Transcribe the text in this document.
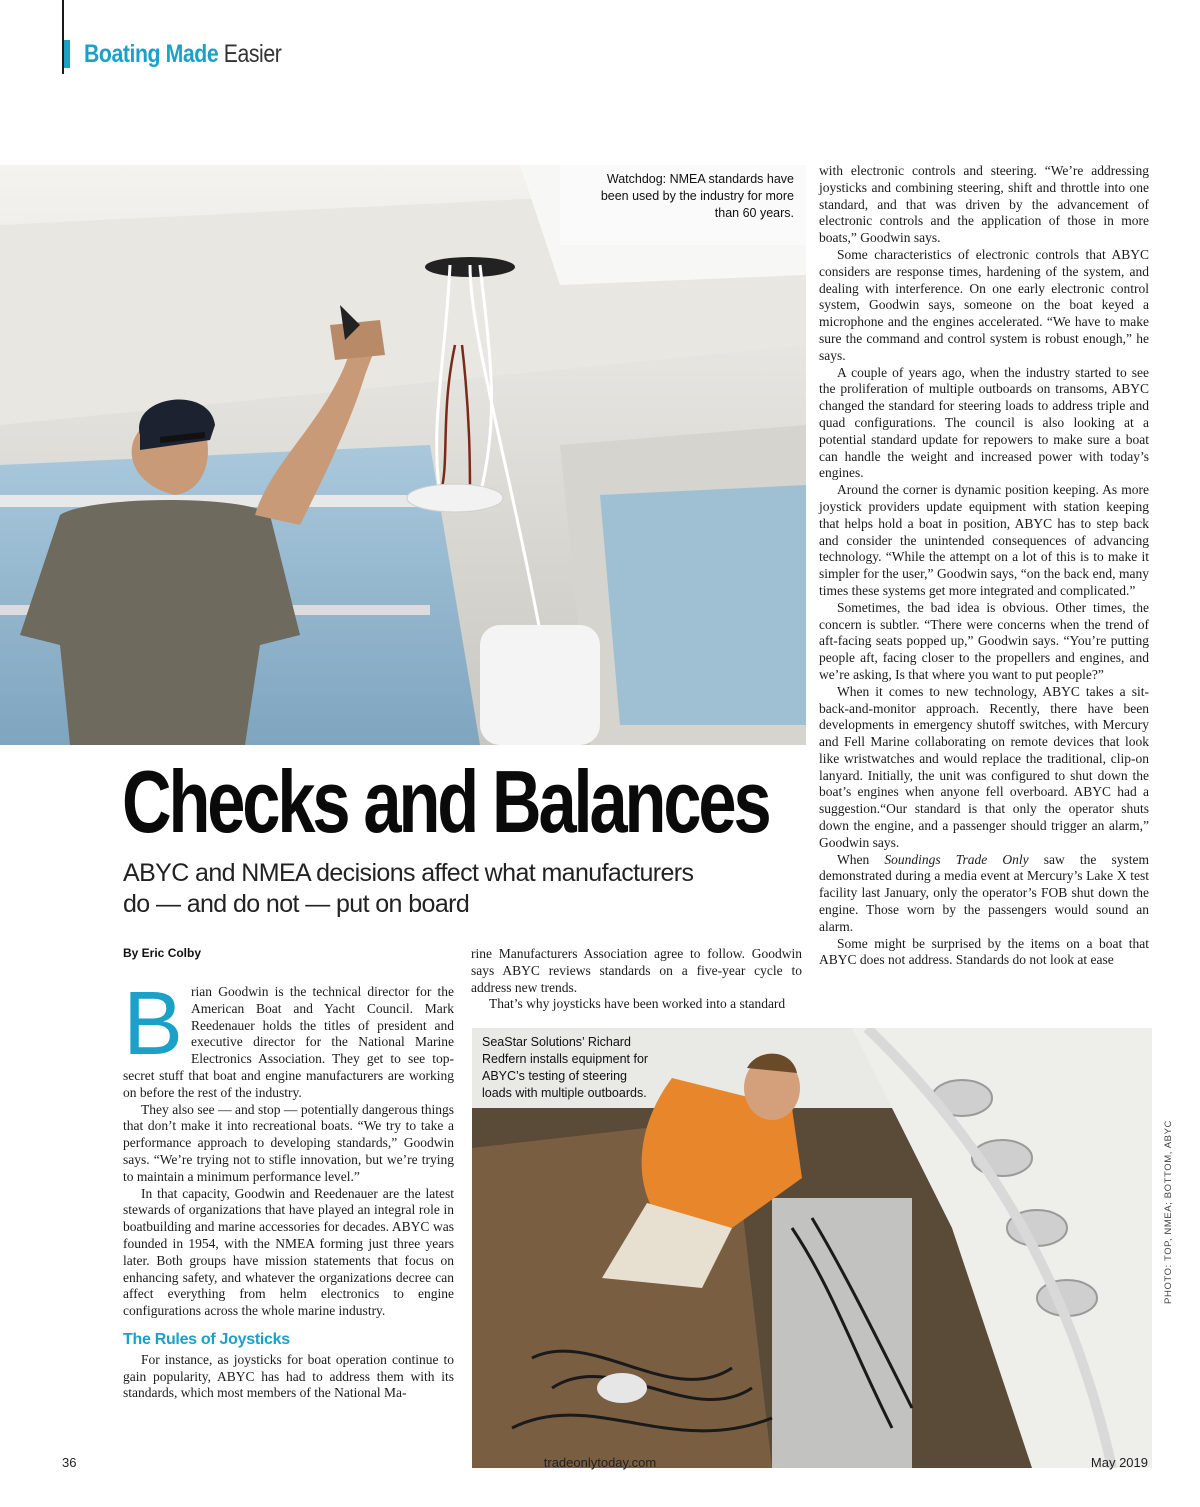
Boating Made Easier
Watchdog: NMEA standards have been used by the industry for more than 60 years.
SeaStar Solutions’ Richard Redfern installs equipment for ABYC’s testing of steering loads with multiple outboards.
PHOTO: TOP, NMEA; BOTTOM, ABYC
Checks and Balances
ABYC and NMEA decisions affect what manufacturers do — and do not — put on board
By Eric Colby

Brian Goodwin is the technical director for the American Boat and Yacht Council. Mark Reedenauer holds the titles of president and executive director for the National Marine Electronics Association. They get to see top-secret stuff that boat and engine manufacturers are working on before the rest of the industry.

They also see — and stop — potentially dangerous things that don’t make it into recreational boats. “We try to take a performance approach to developing standards,” Goodwin says. “We’re trying not to stifle innovation, but we’re trying to maintain a minimum performance level.”

In that capacity, Goodwin and Reedenauer are the latest stewards of organizations that have played an integral role in boatbuilding and marine accessories for decades. ABYC was founded in 1954, with the NMEA forming just three years later. Both groups have mission statements that focus on enhancing safety, and whatever the organizations decree can affect everything from helm electronics to engine configurations across the whole marine industry.

The Rules of Joysticks

For instance, as joysticks for boat operation continue to gain popularity, ABYC has had to address them with its standards, which most members of the National Ma-

rine Manufacturers Association agree to follow. Goodwin says ABYC reviews standards on a five-year cycle to address new trends.

That’s why joysticks have been worked into a standard

with electronic controls and steering. “We’re addressing joysticks and combining steering, shift and throttle into one standard, and that was driven by the advancement of electronic controls and the application of those in more boats,” Goodwin says.

Some characteristics of electronic controls that ABYC considers are response times, hardening of the system, and dealing with interference. On one early electronic control system, Goodwin says, someone on the boat keyed a microphone and the engines accelerated. “We have to make sure the command and control system is robust enough,” he says.

A couple of years ago, when the industry started to see the proliferation of multiple outboards on transoms, ABYC changed the standard for steering loads to address triple and quad configurations. The council is also looking at a potential standard update for repowers to make sure a boat can handle the weight and increased power with today’s engines.

Around the corner is dynamic position keeping. As more joystick providers update equipment with station keeping that helps hold a boat in position, ABYC has to step back and consider the unintended consequences of advancing technology. “While the attempt on a lot of this is to make it simpler for the user,” Goodwin says, “on the back end, many times these systems get more integrated and complicated.”

Sometimes, the bad idea is obvious. Other times, the concern is subtler. “There were concerns when the trend of aft-facing seats popped up,” Goodwin says. “You’re putting people aft, facing closer to the propellers and engines, and we’re asking, Is that where you want to put people?”

When it comes to new technology, ABYC takes a sit-back-and-monitor approach. Recently, there have been developments in emergency shutoff switches, with Mercury and Fell Marine collaborating on remote devices that look like wristwatches and would replace the traditional, clip-on lanyard. Initially, the unit was configured to shut down the boat’s engines when anyone fell overboard. ABYC had a suggestion.“Our standard is that only the operator shuts down the engine, and a passenger should trigger an alarm,” Goodwin says.

When Soundings Trade Only saw the system demonstrated during a media event at Mercury’s Lake X test facility last January, only the operator’s FOB shut down the engine. Those worn by the passengers would sound an alarm.

Some might be surprised by the items on a boat that ABYC does not address. Standards do not look at ease

36	tradeonlytoday.com	May 2019
